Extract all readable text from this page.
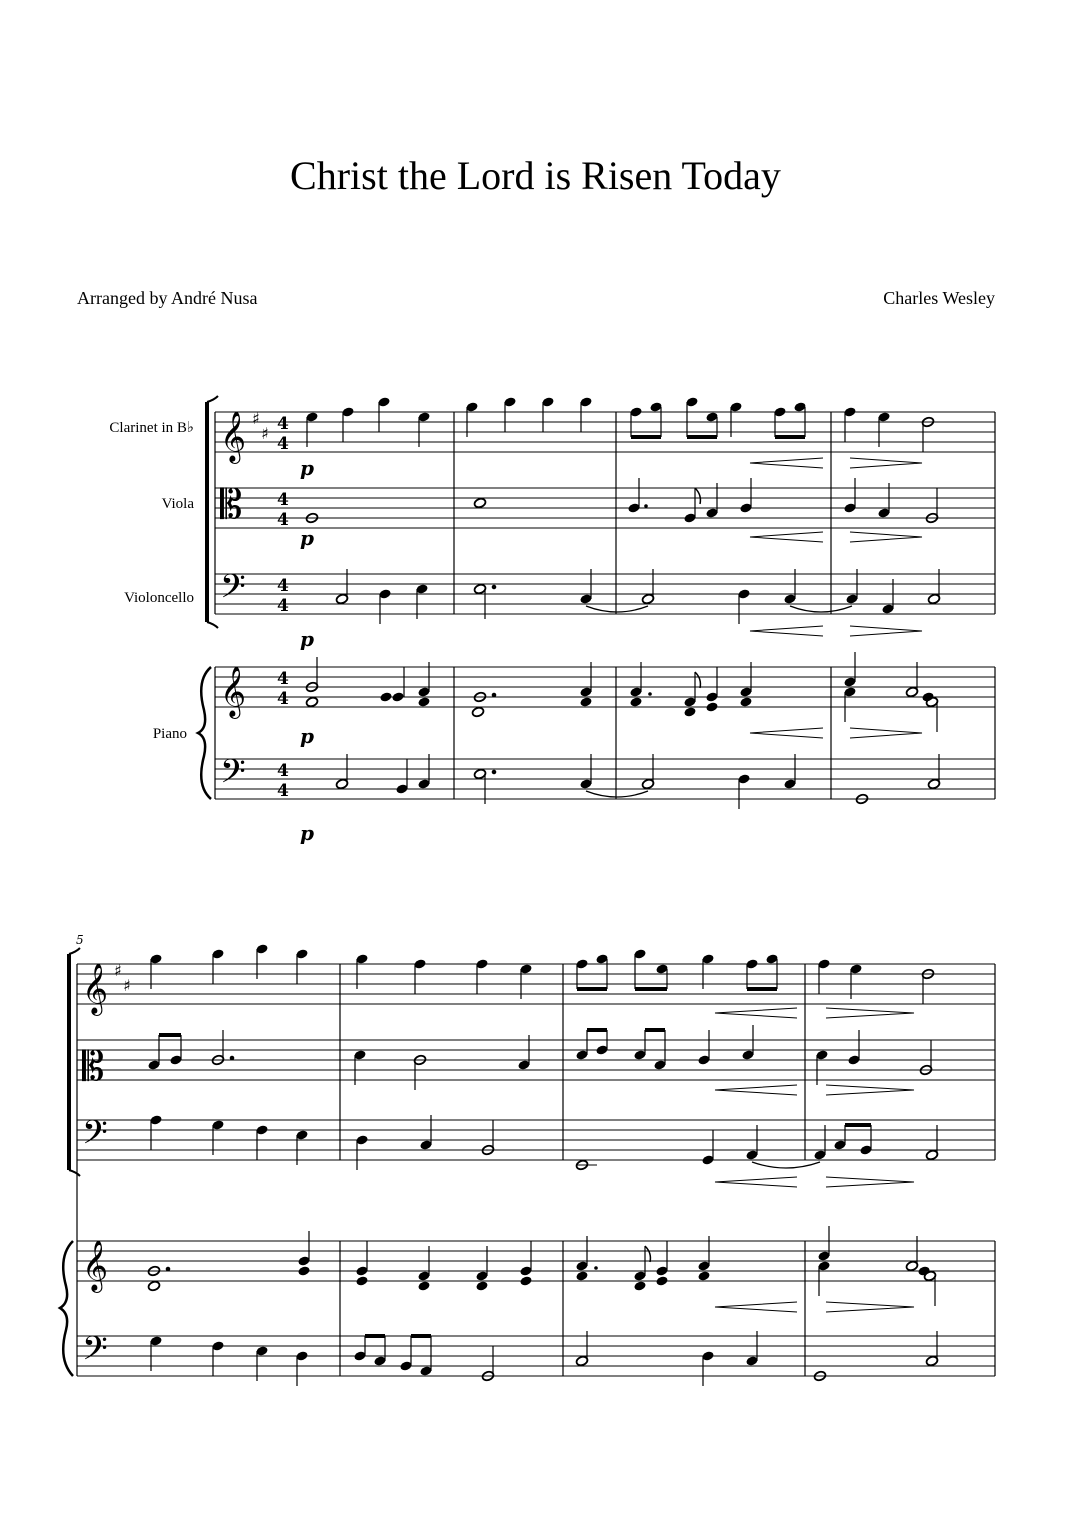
Christ the Lord is Risen Today
Arranged by André Nusa	Charles Wesley
Clarinet in B♭
Viola
Violoncello
Piano
𝄞
𝄡
𝄢
𝄞
𝄢
♯
♯ 4
4
4
4
4
4
4
4
4
4
p
p
p
p
p
5
𝄞
𝄡
𝄢
𝄞
𝄢
♯
♯
